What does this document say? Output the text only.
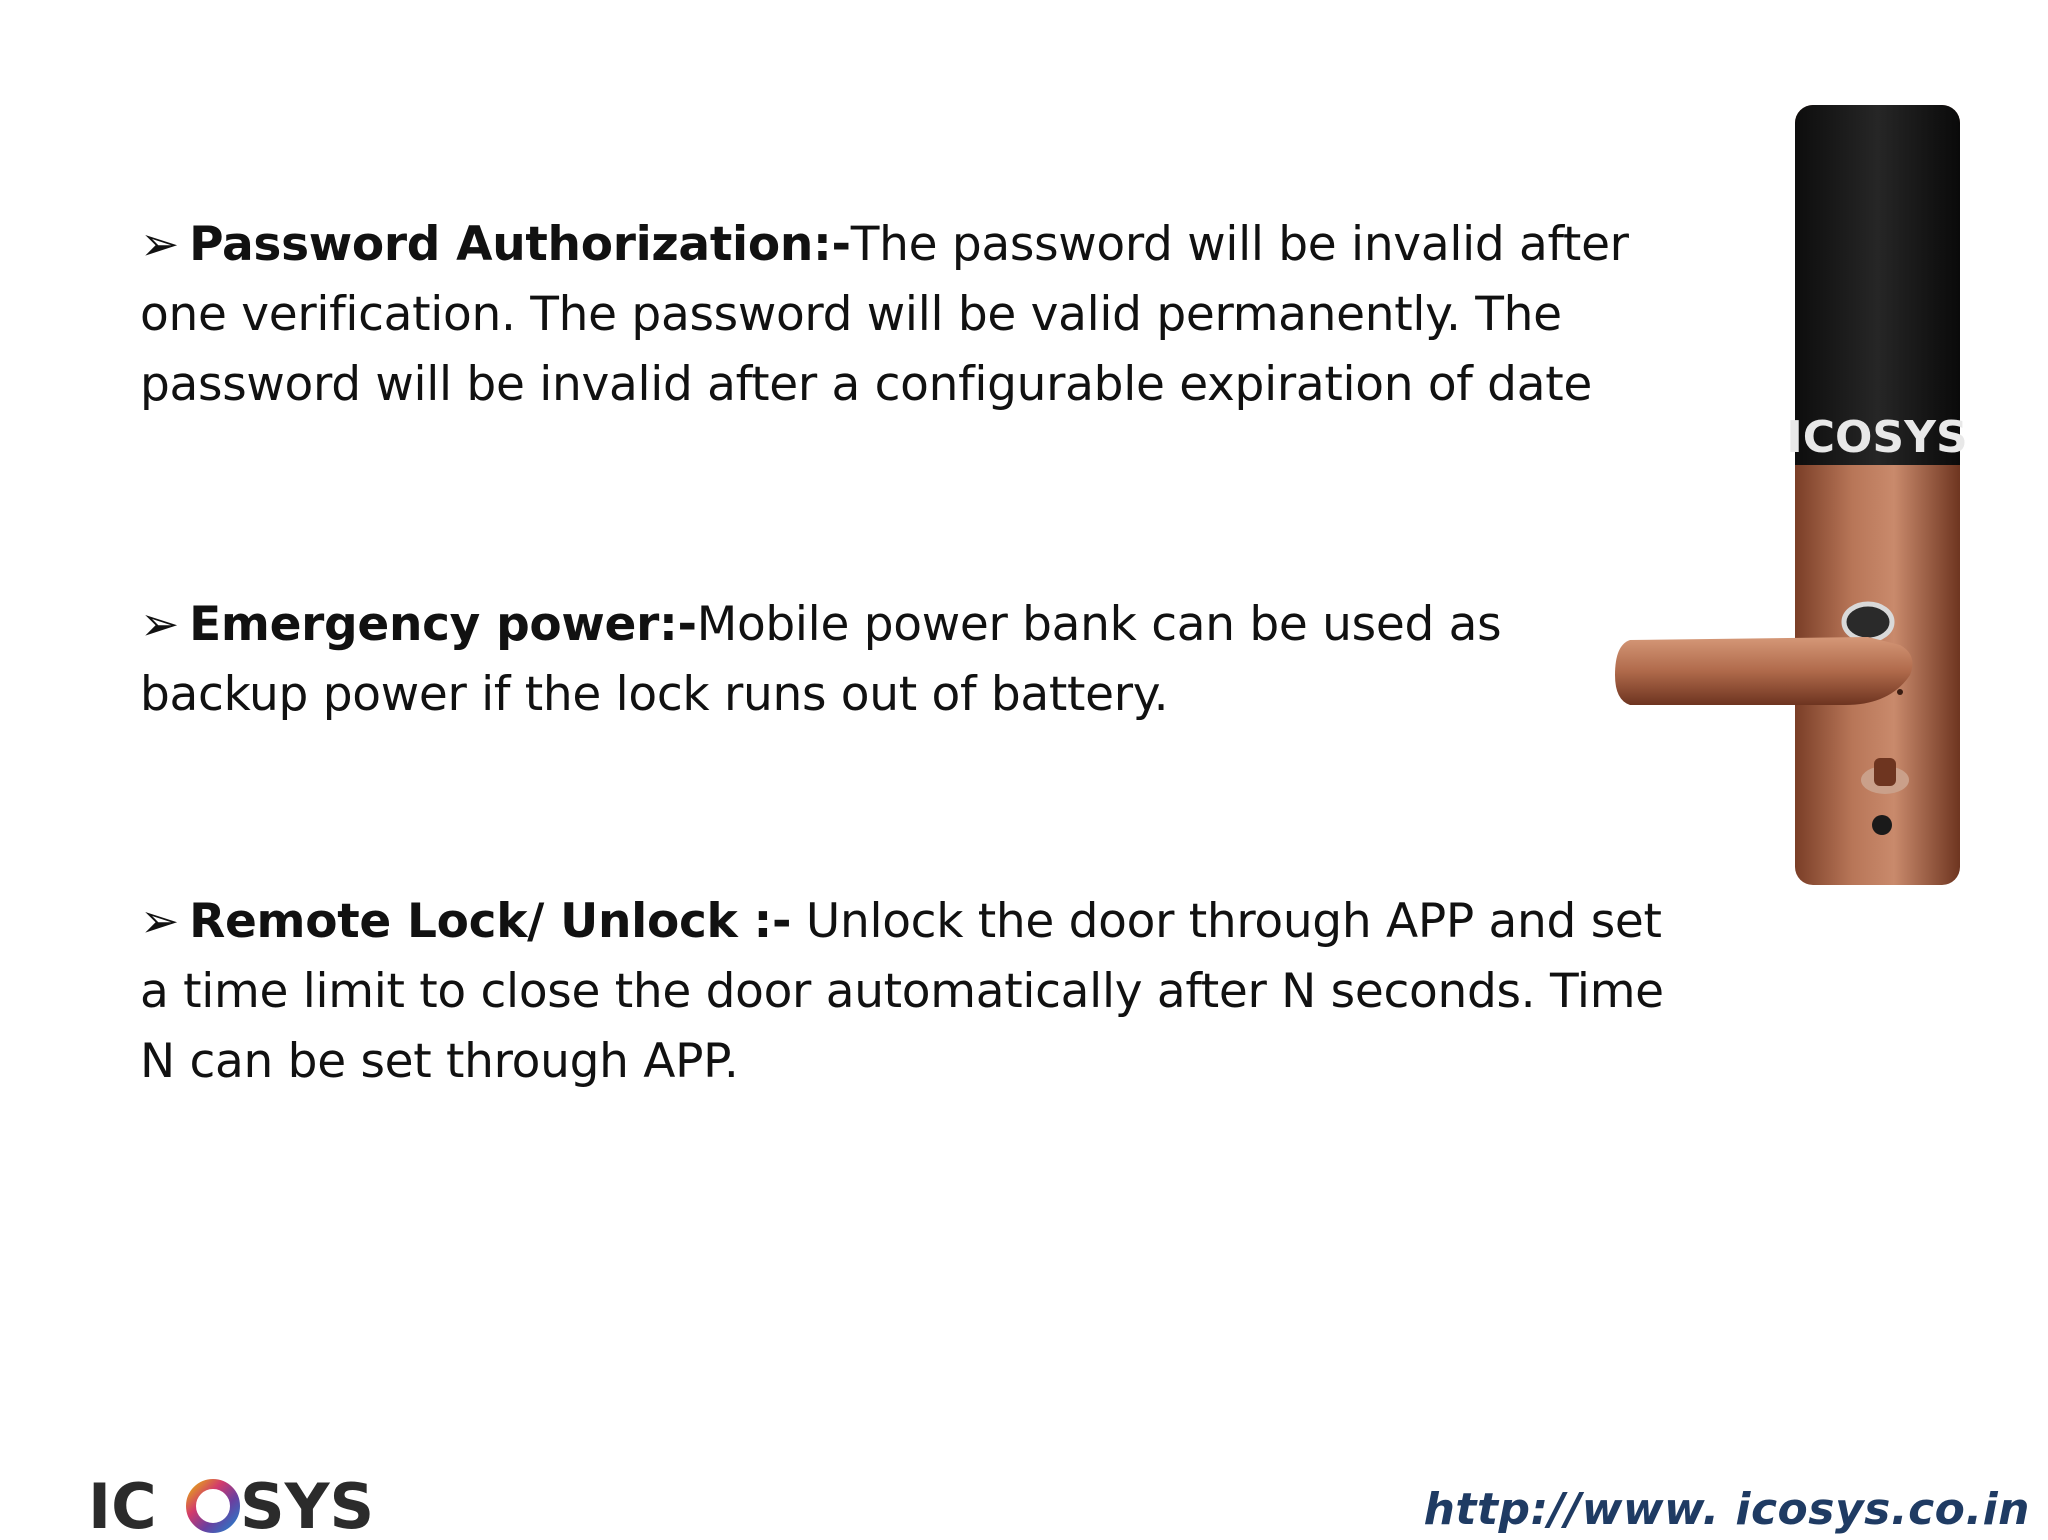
➢ Password Authorization:-The password will be invalid after one verification. The password will be valid permanently. The password will be invalid after a configurable expiration of date
➢ Emergency power:-Mobile power bank can be used as backup power if the lock runs out of battery.
➢ Remote Lock/ Unlock :- Unlock the door through APP and set a time limit to close the door automatically after N seconds. Time N can be set through APP.
ICOSYS
IC SYS	http://www. icosys.co.in
